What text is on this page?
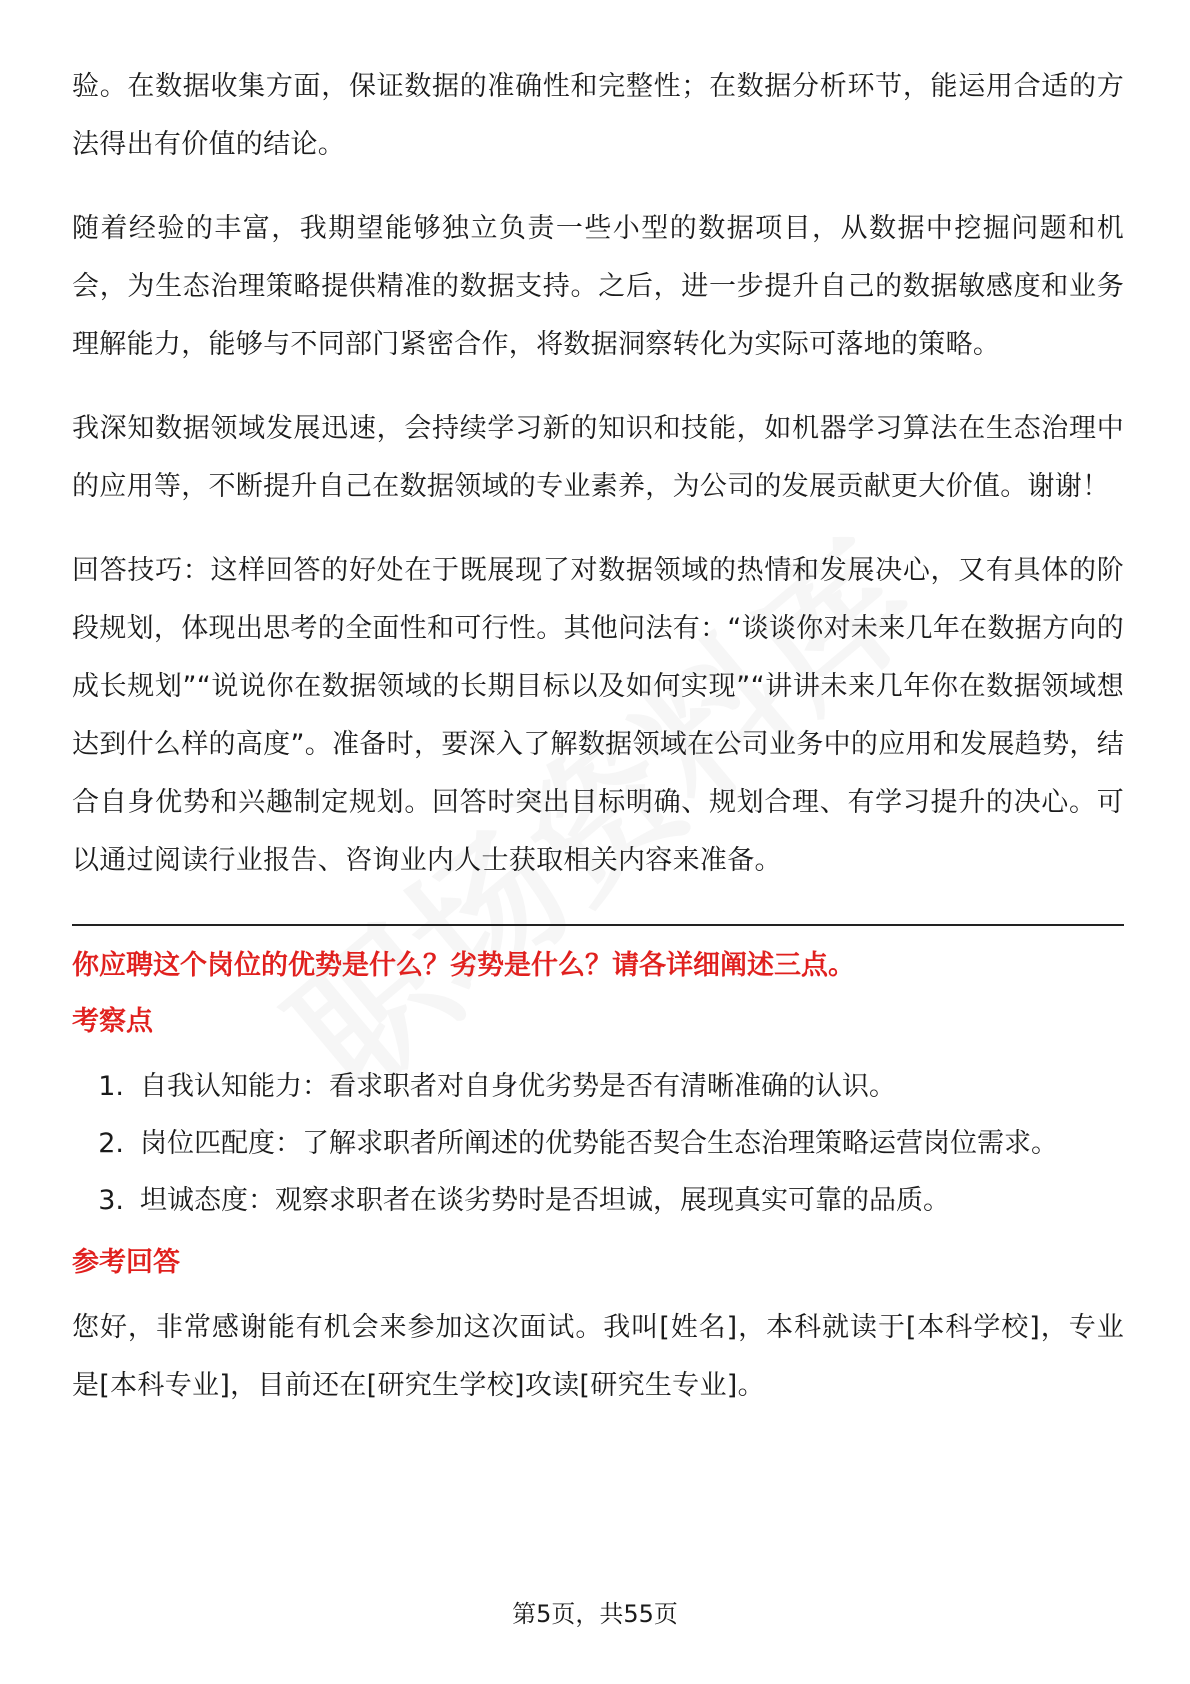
验。在数据收集方面，保证数据的准确性和完整性；在数据分析环节，能运用合适的方法得出有价值的结论。

随着经验的丰富，我期望能够独立负责一些小型的数据项目，从数据中挖掘问题和机会，为生态治理策略提供精准的数据支持。之后，进一步提升自己的数据敏感度和业务理解能力，能够与不同部门紧密合作，将数据洞察转化为实际可落地的策略。

我深知数据领域发展迅速，会持续学习新的知识和技能，如机器学习算法在生态治理中的应用等，不断提升自己在数据领域的专业素养，为公司的发展贡献更大价值。谢谢！

回答技巧：这样回答的好处在于既展现了对数据领域的热情和发展决心，又有具体的阶段规划，体现出思考的全面性和可行性。其他问法有：“谈谈你对未来几年在数据方向的成长规划”“说说你在数据领域的长期目标以及如何实现”“讲讲未来几年你在数据领域想达到什么样的高度”。准备时，要深入了解数据领域在公司业务中的应用和发展趋势，结合自身优势和兴趣制定规划。回答时突出目标明确、规划合理、有学习提升的决心。可以通过阅读行业报告、咨询业内人士获取相关内容来准备。

你应聘这个岗位的优势是什么？劣势是什么？请各详细阐述三点。
考察点
1. 自我认知能力：看求职者对自身优劣势是否有清晰准确的认识。
2. 岗位匹配度：了解求职者所阐述的优势能否契合生态治理策略运营岗位需求。
3. 坦诚态度：观察求职者在谈劣势时是否坦诚，展现真实可靠的品质。
参考回答

您好，非常感谢能有机会来参加这次面试。我叫[姓名]，本科就读于[本科学校]，专业是[本科专业]，目前还在[研究生学校]攻读[研究生专业]。

第5页，共55页
